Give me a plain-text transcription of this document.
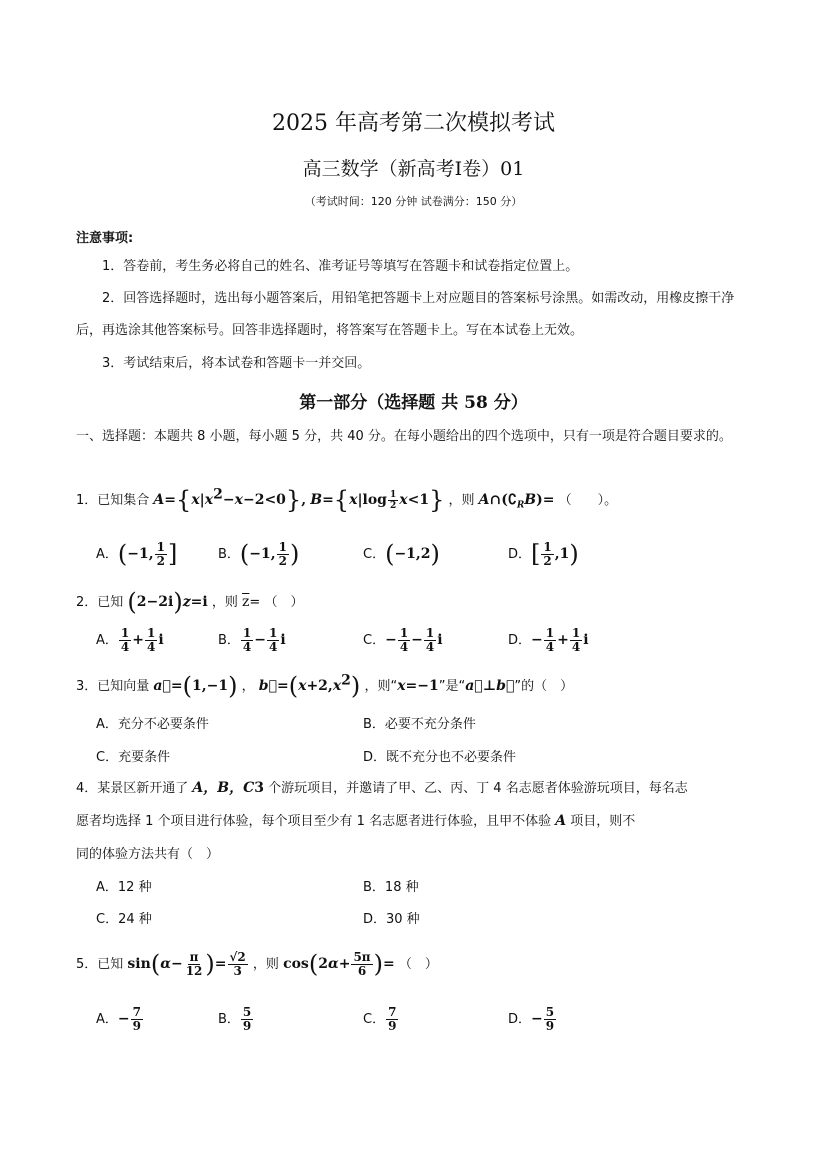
2025 年高考第二次模拟考试
高三数学（新高考Ⅰ卷）01
（考试时间：120 分钟 试卷满分：150 分）
注意事项:
1．答卷前，考生务必将自己的姓名、准考证号等填写在答题卡和试卷指定位置上。
2．回答选择题时，选出每小题答案后，用铅笔把答题卡上对应题目的答案标号涂黑。如需改动，用橡皮擦干净后，再选涂其他答案标号。回答非选择题时，将答案写在答题卡上。写在本试卷上无效。
3．考试结束后，将本试卷和答题卡一并交回。
第一部分（选择题 共 58 分）
一、选择题：本题共 8 小题，每小题 5 分，共 40 分。在每小题给出的四个选项中，只有一项是符合题目要求的。
1．已知集合 $A=\{x|x^2-x-2<0\}$, $B=\{x|\log \frac{1}{2} x<1\}$ ，则 $A\cap(∁_RB)=$ （　　）。
A．(−1, $\frac{1}{2}$ ]	B．(−1, $\frac{1}{2}$ )	C．(−1,2)	D．[ $\frac{1}{2} ,1$)
2．已知 (2−2i)z=i ，则 $\overline{z}=$ （　）
A． $\frac{1}{4} + \frac{1}{4}$ i	B． $\frac{1}{4} - \frac{1}{4}$ i	C．− $\frac{1}{4} - \frac{1}{4}$ i	D．− $\frac{1}{4} + \frac{1}{4}$ i
3．已知向量 a⃗=(1,−1) ， $b⃗=(x+2,x^2)$ ，则“x=−1”是“a⃗⊥b⃗”的（　）
A．充分不必要条件	B．必要不充分条件
C．充要条件	D．既不充分也不必要条件
4．某景区新开通了 A，B，C3 个游玩项目，并邀请了甲、乙、丙、丁 4 名志愿者体验游玩项目，每名志
愿者均选择 1 个项目进行体验，每个项目至少有 1 名志愿者进行体验，且甲不体验 A 项目，则不
同的体验方法共有（　）
A．12 种	B．18 种
C．24 种	D．30 种
5．已知 $\sin(\alpha- \frac{\pi}{12}$ )= $\frac{√2}{3}$ ，则 $\cos(2\alpha+ \frac{5\pi}{6}$ )= （　）
A．− $\frac{7}{9}$	B． $\frac{5}{9}$	C． $\frac{7}{9}$	D．− $\frac{5}{9}$
